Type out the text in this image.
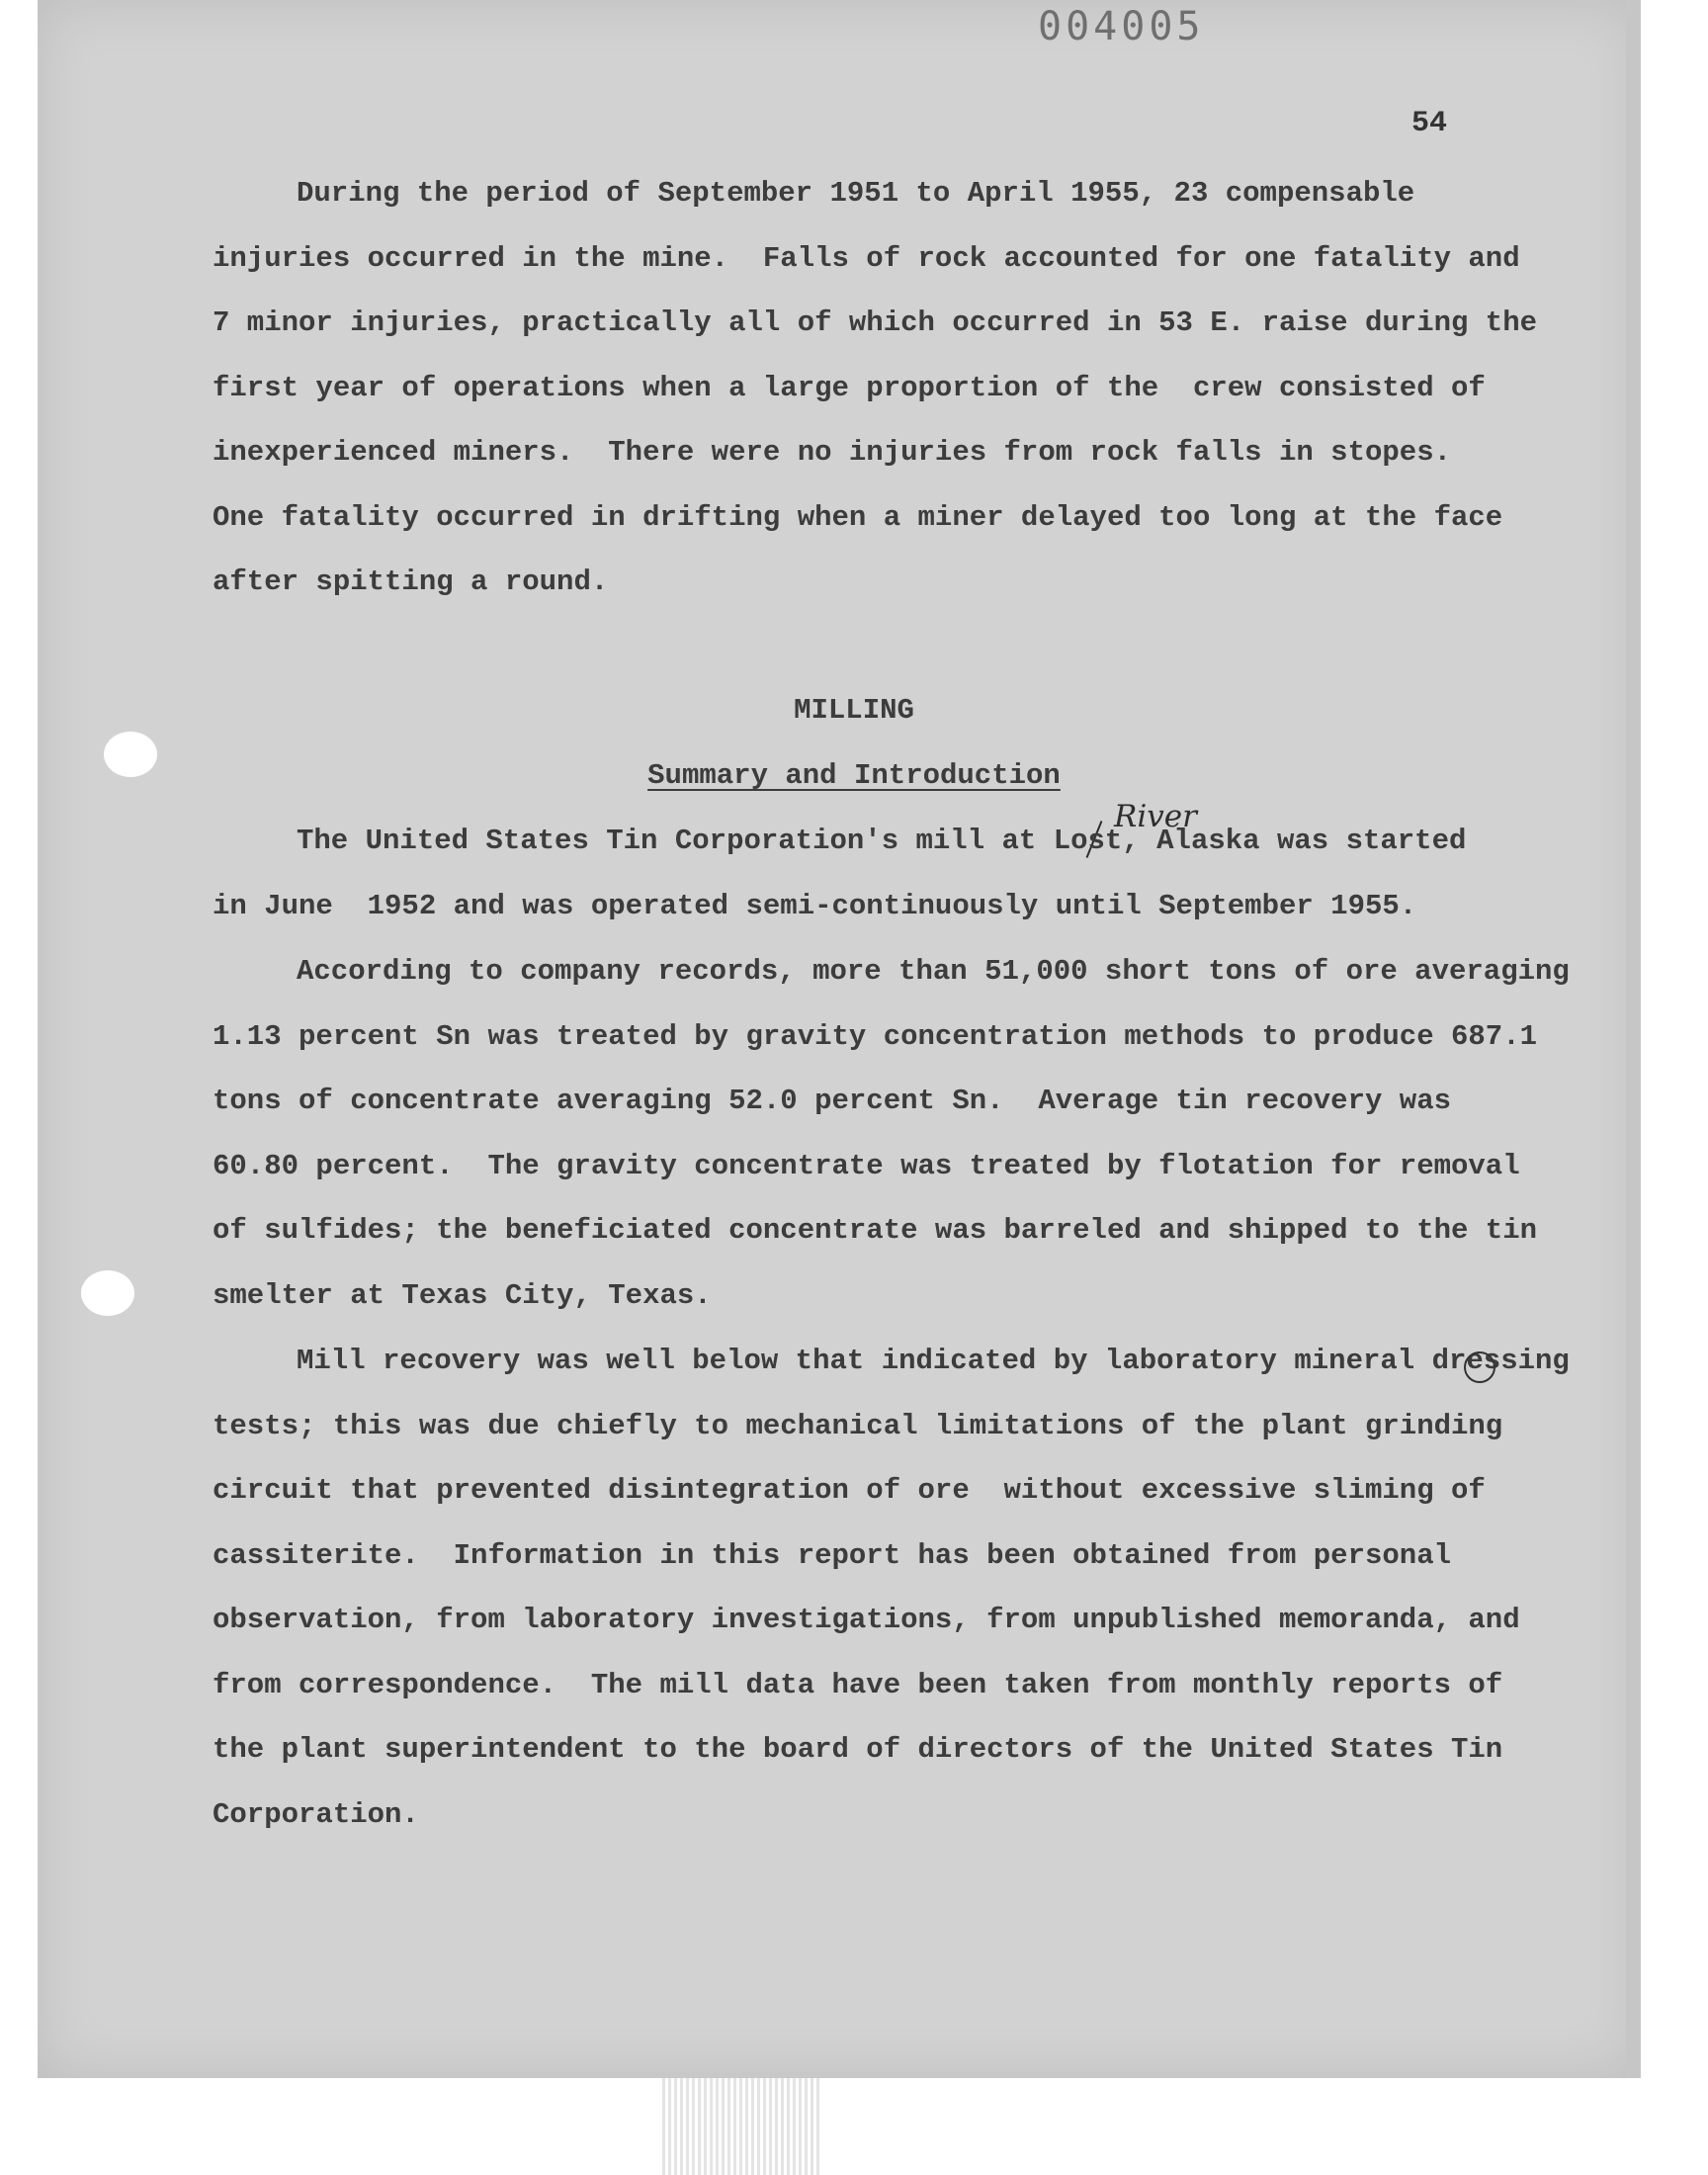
004005
54
During the period of September 1951 to April 1955, 23 compensable
injuries occurred in the mine.  Falls of rock accounted for one fatality and
7 minor injuries, practically all of which occurred in 53 E. raise during the
first year of operations when a large proportion of the  crew consisted of
inexperienced miners.  There were no injuries from rock falls in stopes.
One fatality occurred in drifting when a miner delayed too long at the face
after spitting a round.
MILLING
Summary and Introduction
River
The United States Tin Corporation's mill at Lost, Alaska was started
in June  1952 and was operated semi-continuously until September 1955.
According to company records, more than 51,000 short tons of ore averaging
1.13 percent Sn was treated by gravity concentration methods to produce 687.1
tons of concentrate averaging 52.0 percent Sn.  Average tin recovery was
60.80 percent.  The gravity concentrate was treated by flotation for removal
of sulfides; the beneficiated concentrate was barreled and shipped to the tin
smelter at Texas City, Texas.
Mill recovery was well below that indicated by laboratory mineral dressing
tests; this was due chiefly to mechanical limitations of the plant grinding
circuit that prevented disintegration of ore  without excessive sliming of
cassiterite.  Information in this report has been obtained from personal
observation, from laboratory investigations, from unpublished memoranda, and
from correspondence.  The mill data have been taken from monthly reports of
the plant superintendent to the board of directors of the United States Tin
Corporation.
